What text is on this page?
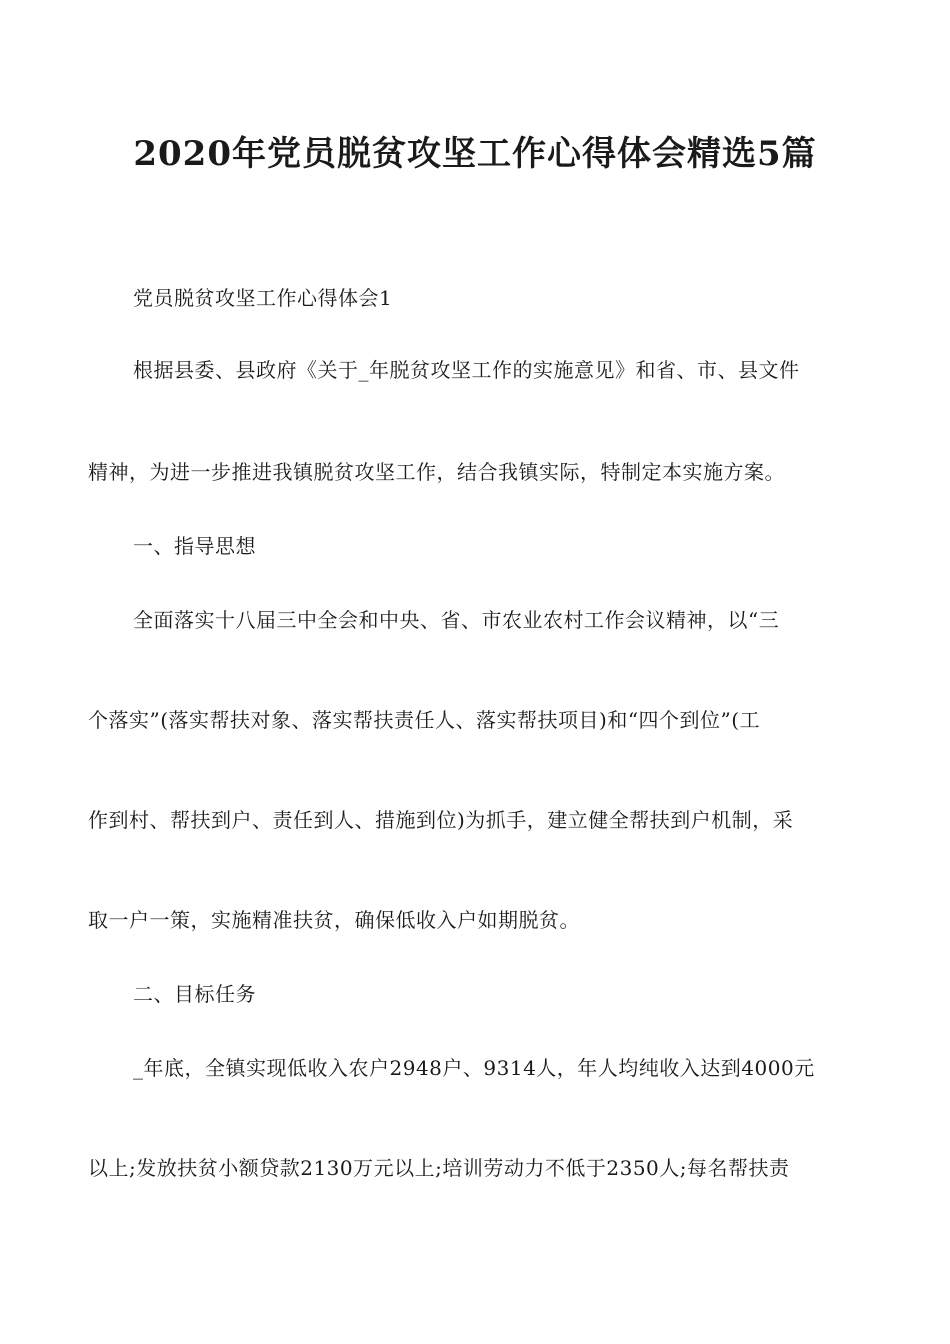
2020年党员脱贫攻坚工作心得体会精选5篇
党员脱贫攻坚工作心得体会1
根据县委、县政府《关于_年脱贫攻坚工作的实施意见》和省、市、县文件
精神，为进一步推进我镇脱贫攻坚工作，结合我镇实际，特制定本实施方案。
一、指导思想
全面落实十八届三中全会和中央、省、市农业农村工作会议精神，以“三
个落实”(落实帮扶对象、落实帮扶责任人、落实帮扶项目)和“四个到位”(工
作到村、帮扶到户、责任到人、措施到位)为抓手，建立健全帮扶到户机制，采
取一户一策，实施精准扶贫，确保低收入户如期脱贫。
二、目标任务
_年底，全镇实现低收入农户2948户、9314人，年人均纯收入达到4000元
以上;发放扶贫小额贷款2130万元以上;培训劳动力不低于2350人;每名帮扶责
